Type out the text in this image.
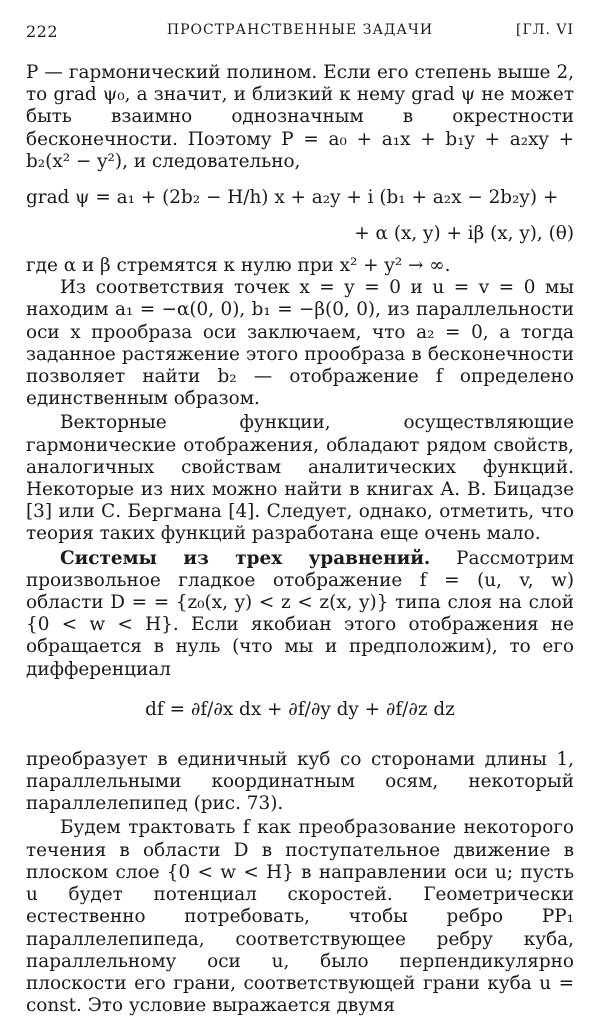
222	ПРОСТРАНСТВЕННЫЕ ЗАДАЧИ	[ГЛ. VI

P — гармонический полином. Если его степень выше 2, то grad ψ₀, а значит, и близкий к нему grad ψ не может быть взаимно однозначным в окрестности бесконечности. Поэтому P = a₀ + a₁x + b₁y + a₂xy + b₂(x² − y²), и следовательно,

grad ψ = a₁ + (2b₂ − H/h) x + a₂y + i (b₁ + a₂x − 2b₂y) +

+ α (x, y) + iβ (x, y), (θ)

где α и β стремятся к нулю при x² + y² → ∞.

Из соответствия точек x = y = 0 и u = v = 0 мы находим a₁ = −α(0, 0), b₁ = −β(0, 0), из параллельности оси x прообраза оси заключаем, что a₂ = 0, а тогда заданное растяжение этого прообраза в бесконечности позволяет найти b₂ — отображение f определено единственным образом.

Векторные функции, осуществляющие гармонические отображения, обладают рядом свойств, аналогичных свойствам аналитических функций. Некоторые из них можно найти в книгах А. В. Бицадзе [3] или С. Бергмана [4]. Следует, однако, отметить, что теория таких функций разработана еще очень мало.

Системы из трех уравнений. Рассмотрим произвольное гладкое отображение f = (u, v, w) области D = = {z₀(x, y) < z < z(x, y)} типа слоя на слой {0 < w < H}. Если якобиан этого отображения не обращается в нуль (что мы и предположим), то его дифференциал

df = ∂f/∂x dx + ∂f/∂y dy + ∂f/∂z dz

преобразует в единичный куб со сторонами длины 1, параллельными координатным осям, некоторый параллелепипед (рис. 73).

Будем трактовать f как преобразование некоторого течения в области D в поступательное движение в плоском слое {0 < w < H} в направлении оси u; пусть u будет потенциал скоростей. Геометрически естественно потребовать, чтобы ребро PP₁ параллелепипеда, соответствующее ребру куба, параллельному оси u, было перпендикулярно плоскости его грани, соответствующей грани куба u = const. Это условие выражается двумя
